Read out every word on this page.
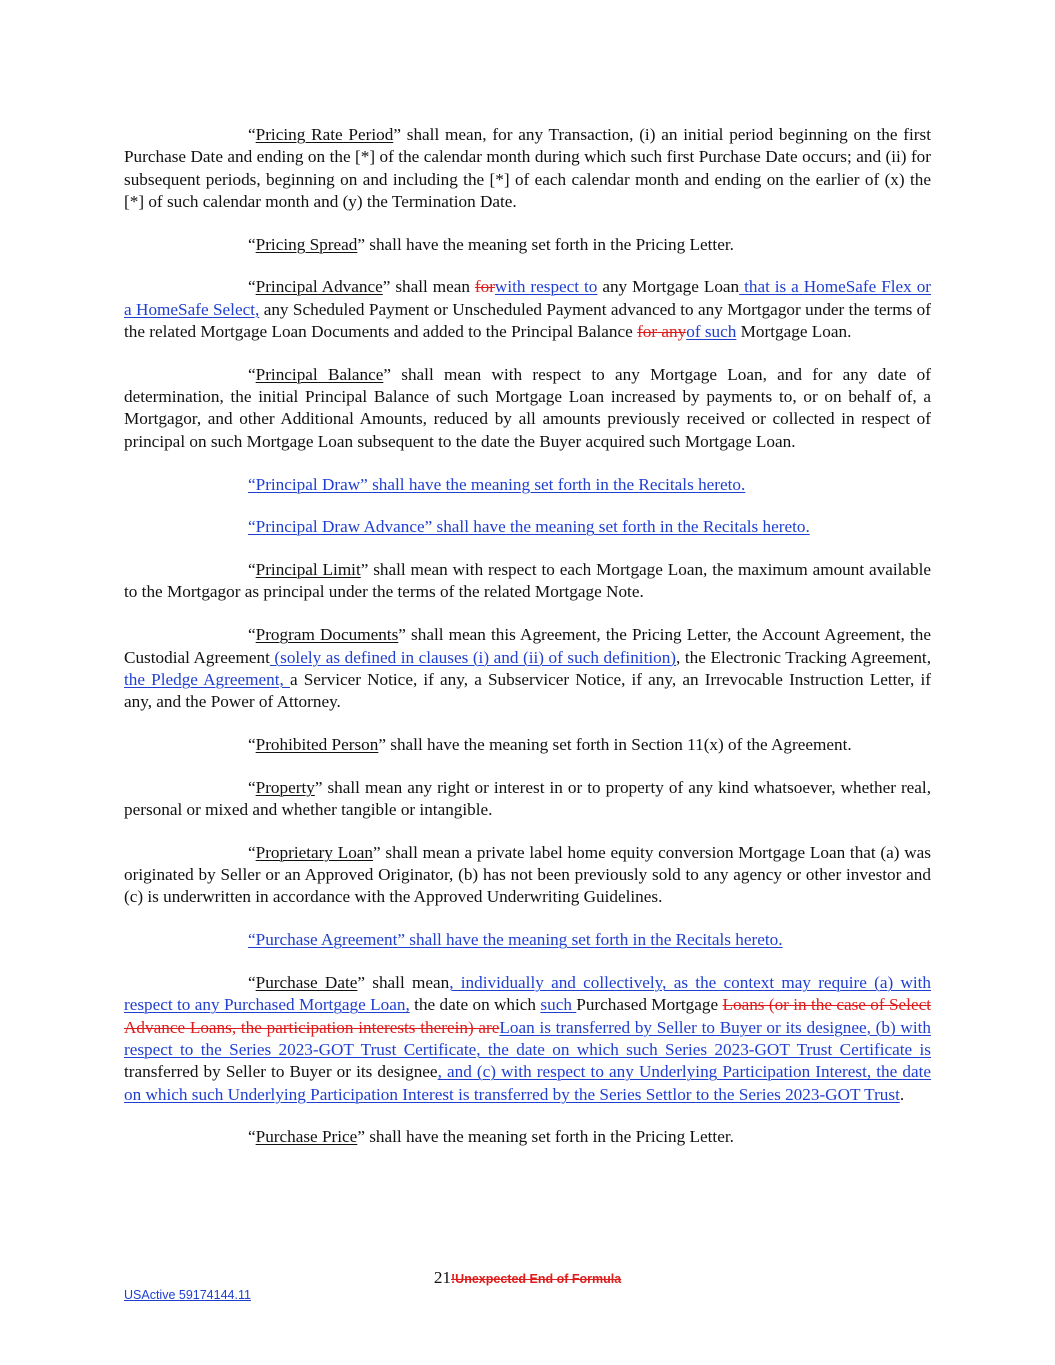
“Pricing Rate Period” shall mean, for any Transaction, (i) an initial period beginning on the first Purchase Date and ending on the [*] of the calendar month during which such first Purchase Date occurs; and (ii) for subsequent periods, beginning on and including the [*] of each calendar month and ending on the earlier of (x) the [*] of such calendar month and (y) the Termination Date.

“Pricing Spread” shall have the meaning set forth in the Pricing Letter.

“Principal Advance” shall mean forwith respect to any Mortgage Loan that is a HomeSafe Flex or a HomeSafe Select, any Scheduled Payment or Unscheduled Payment advanced to any Mortgagor under the terms of the related Mortgage Loan Documents and added to the Principal Balance for anyof such Mortgage Loan.

“Principal Balance” shall mean with respect to any Mortgage Loan, and for any date of determination, the initial Principal Balance of such Mortgage Loan increased by payments to, or on behalf of, a Mortgagor, and other Additional Amounts, reduced by all amounts previously received or collected in respect of principal on such Mortgage Loan subsequent to the date the Buyer acquired such Mortgage Loan.

“Principal Draw” shall have the meaning set forth in the Recitals hereto.

“Principal Draw Advance” shall have the meaning set forth in the Recitals hereto.

“Principal Limit” shall mean with respect to each Mortgage Loan, the maximum amount available to the Mortgagor as principal under the terms of the related Mortgage Note.

“Program Documents” shall mean this Agreement, the Pricing Letter, the Account Agreement, the Custodial Agreement (solely as defined in clauses (i) and (ii) of such definition), the Electronic Tracking Agreement, the Pledge Agreement, a Servicer Notice, if any, a Subservicer Notice, if any, an Irrevocable Instruction Letter, if any, and the Power of Attorney.

“Prohibited Person” shall have the meaning set forth in Section 11(x) of the Agreement.

“Property” shall mean any right or interest in or to property of any kind whatsoever, whether real, personal or mixed and whether tangible or intangible.

“Proprietary Loan” shall mean a private label home equity conversion Mortgage Loan that (a) was originated by Seller or an Approved Originator, (b) has not been previously sold to any agency or other investor and (c) is underwritten in accordance with the Approved Underwriting Guidelines.

“Purchase Agreement” shall have the meaning set forth in the Recitals hereto.

“Purchase Date” shall mean, individually and collectively, as the context may require (a) with respect to any Purchased Mortgage Loan, the date on which such Purchased Mortgage Loans (or in the case of Select Advance Loans, the participation interests therein) areLoan is transferred by Seller to Buyer or its designee, (b) with respect to the Series 2023-GOT Trust Certificate, the date on which such Series 2023-GOT Trust Certificate is transferred by Seller to Buyer or its designee, and (c) with respect to any Underlying Participation Interest, the date on which such Underlying Participation Interest is transferred by the Series Settlor to the Series 2023-GOT Trust.

“Purchase Price” shall have the meaning set forth in the Pricing Letter.

21!Unexpected End of Formula
USActive 59174144.11
